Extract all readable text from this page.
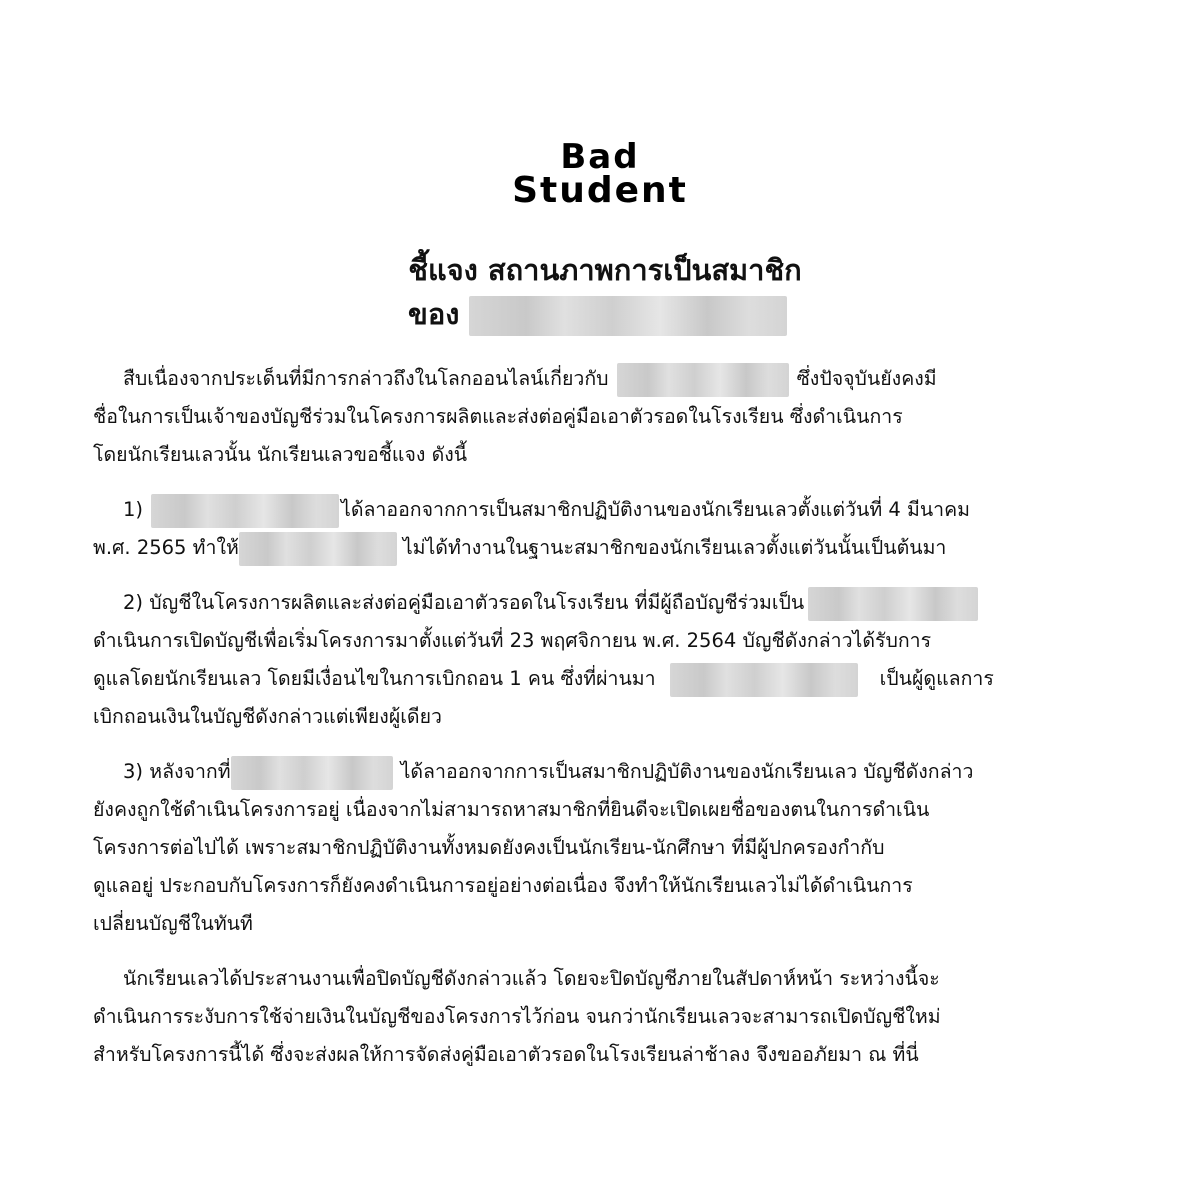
Bad
Student
ชี้แจง สถานภาพการเป็นสมาชิก
ของ
สืบเนื่องจากประเด็นที่มีการกล่าวถึงในโลกออนไลน์เกี่ยวกับ	ซึ่งปัจจุบันยังคงมี
ชื่อในการเป็นเจ้าของบัญชีร่วมในโครงการผลิตและส่งต่อคู่มือเอาตัวรอดในโรงเรียน ซึ่งดำเนินการ
โดยนักเรียนเลวนั้น นักเรียนเลวขอชี้แจง ดังนี้
1)	ได้ลาออกจากการเป็นสมาชิกปฏิบัติงานของนักเรียนเลวตั้งแต่วันที่ 4 มีนาคม
พ.ศ. 2565 ทำให้	ไม่ได้ทำงานในฐานะสมาชิกของนักเรียนเลวตั้งแต่วันนั้นเป็นต้นมา
2) บัญชีในโครงการผลิตและส่งต่อคู่มือเอาตัวรอดในโรงเรียน ที่มีผู้ถือบัญชีร่วมเป็น
ดำเนินการเปิดบัญชีเพื่อเริ่มโครงการมาตั้งแต่วันที่ 23 พฤศจิกายน พ.ศ. 2564 บัญชีดังกล่าวได้รับการ
ดูแลโดยนักเรียนเลว โดยมีเงื่อนไขในการเบิกถอน 1 คน ซึ่งที่ผ่านมา	เป็นผู้ดูแลการ
เบิกถอนเงินในบัญชีดังกล่าวแต่เพียงผู้เดียว
3) หลังจากที่	ได้ลาออกจากการเป็นสมาชิกปฏิบัติงานของนักเรียนเลว บัญชีดังกล่าว
ยังคงถูกใช้ดำเนินโครงการอยู่ เนื่องจากไม่สามารถหาสมาชิกที่ยินดีจะเปิดเผยชื่อของตนในการดำเนิน
โครงการต่อไปได้ เพราะสมาชิกปฏิบัติงานทั้งหมดยังคงเป็นนักเรียน-นักศึกษา ที่มีผู้ปกครองกำกับ
ดูแลอยู่ ประกอบกับโครงการก็ยังคงดำเนินการอยู่อย่างต่อเนื่อง จึงทำให้นักเรียนเลวไม่ได้ดำเนินการ
เปลี่ยนบัญชีในทันที
นักเรียนเลวได้ประสานงานเพื่อปิดบัญชีดังกล่าวแล้ว โดยจะปิดบัญชีภายในสัปดาห์หน้า ระหว่างนี้จะ
ดำเนินการระงับการใช้จ่ายเงินในบัญชีของโครงการไว้ก่อน จนกว่านักเรียนเลวจะสามารถเปิดบัญชีใหม่
สำหรับโครงการนี้ได้ ซึ่งจะส่งผลให้การจัดส่งคู่มือเอาตัวรอดในโรงเรียนล่าช้าลง จึงขออภัยมา ณ ที่นี่
